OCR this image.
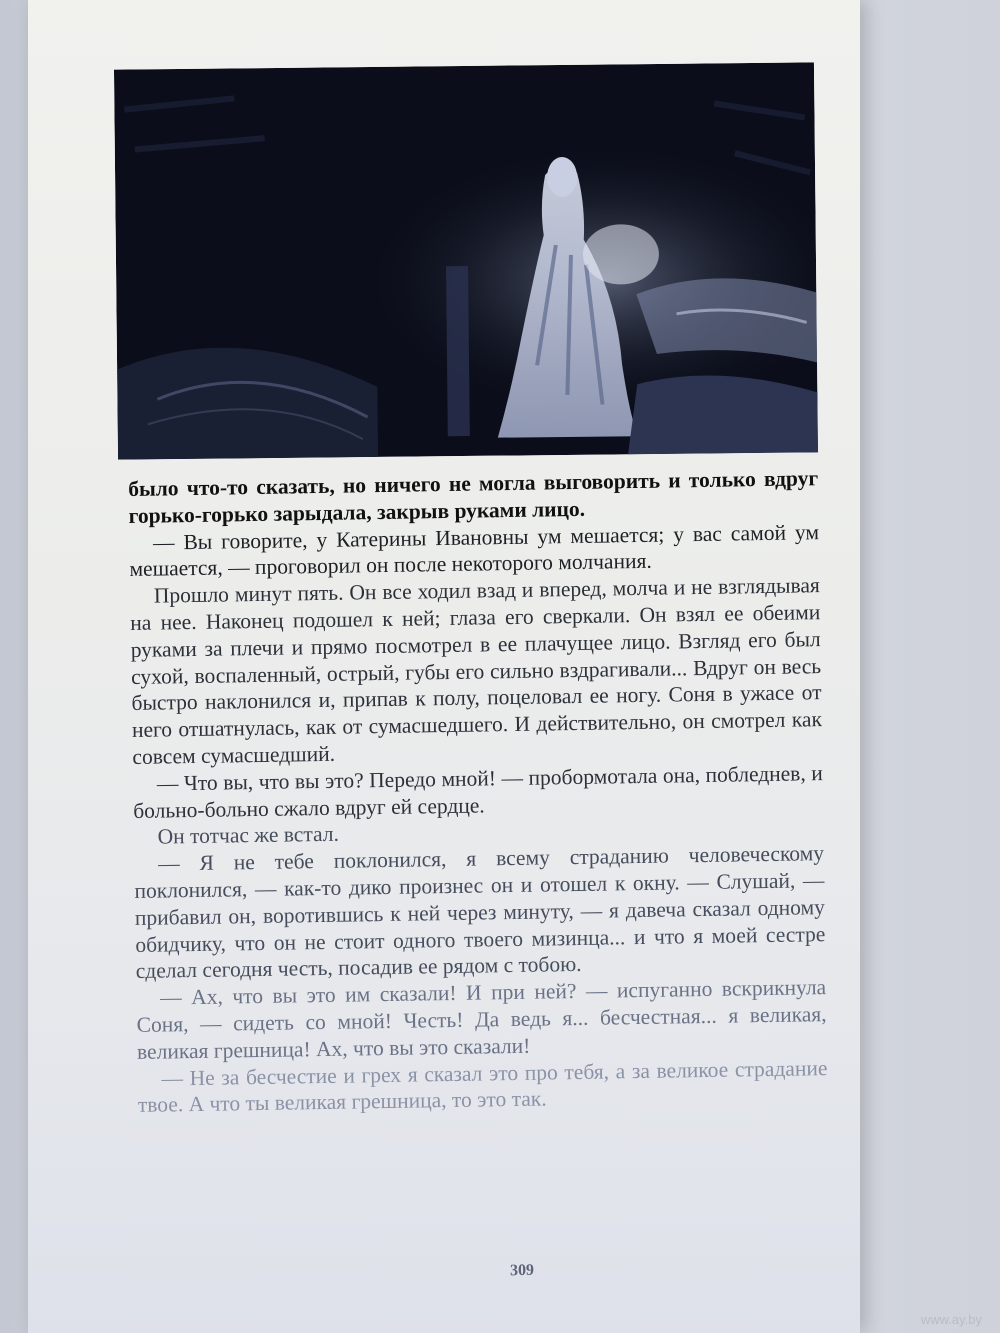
было что-то сказать, но ничего не могла выговорить и только вдруг горько-горько зарыдала, закрыв руками лицо.

— Вы говорите, у Катерины Ивановны ум мешается; у вас самой ум мешается, — проговорил он после некоторого молчания.

Прошло минут пять. Он все ходил взад и вперед, молча и не взглядывая на нее. Наконец подошел к ней; глаза его сверкали. Он взял ее обеими руками за плечи и прямо посмотрел в ее плачущее лицо. Взгляд его был сухой, воспаленный, острый, губы его сильно вздрагивали... Вдруг он весь быстро наклонился и, припав к полу, поцеловал ее ногу. Соня в ужасе от него отшатнулась, как от сумасшедшего. И действительно, он смотрел как совсем сумасшедший.

— Что вы, что вы это? Передо мной! — пробормотала она, побледнев, и больно-больно сжало вдруг ей сердце.

Он тотчас же встал.

— Я не тебе поклонился, я всему страданию человеческому поклонился, — как-то дико произнес он и отошел к окну. — Слушай, — прибавил он, воротившись к ней через минуту, — я давеча сказал одному обидчику, что он не стоит одного твоего мизинца... и что я моей сестре сделал сегодня честь, посадив ее рядом с тобою.

— Ах, что вы это им сказали! И при ней? — испуганно вскрикнула Соня, — сидеть со мной! Честь! Да ведь я... бесчестная... я великая, великая грешница! Ах, что вы это сказали!

— Не за бесчестие и грех я сказал это про тебя, а за великое страдание твое. А что ты великая грешница, то это так.

309
www.ay.by
